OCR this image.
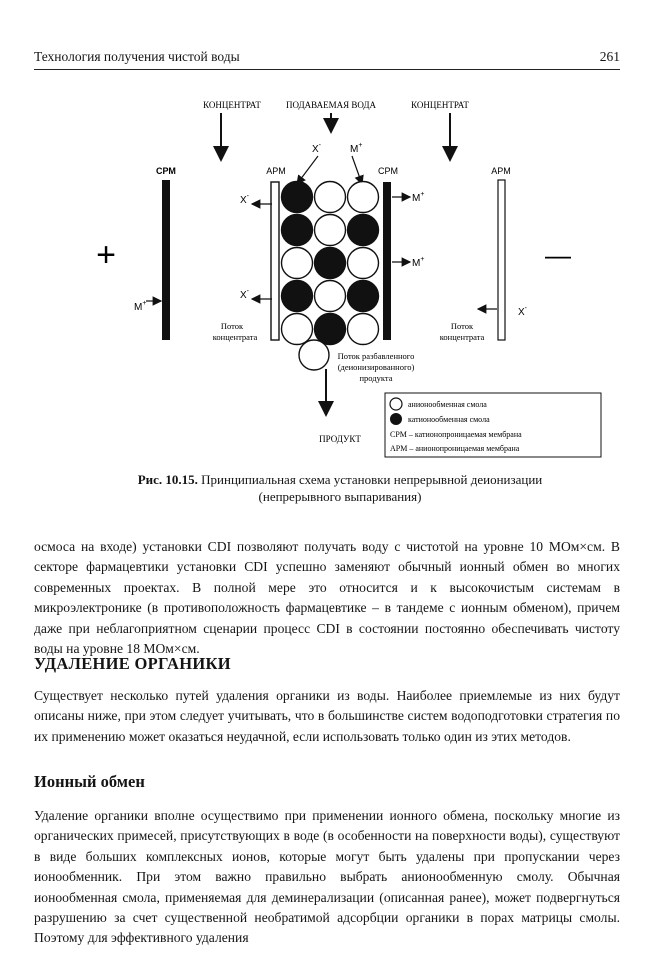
Технология получения чистой воды	261
КОНЦЕНТРАТ	ПОДАВАЕМАЯ ВОДА	КОНЦЕНТРАТ
X-	M+
СРМ	АРМ	СРМ	АРМ
+	—
X-
X-
M+
M+
M+
X-
Поток
концентрата
Поток
концентрата
Поток разбавленного
(деионизированного)
продукта
ПРОДУКТ
анионообменная смола
катионообменная смола
СРМ – катионопроницаемая мембрана
АРМ – анионопроницаемая мембрана
Рис. 10.15. Принципиальная схема установки непрерывной деионизации
(непрерывного выпаривания)

осмоса на входе) установки CDI позволяют получать воду с чистотой на уровне 10 МОм×см. В секторе фармацевтики установки CDI успешно заменяют обычный ионный обмен во многих современных проектах. В полной мере это относится и к высокочистым системам в микроэлектронике (в противоположность фармацевтике – в тандеме с ионным обменом), причем даже при неблагоприятном сценарии процесс CDI в состоянии постоянно обеспечивать чистоту воды на уровне 18 МОм×см.

УДАЛЕНИЕ ОРГАНИКИ

Существует несколько путей удаления органики из воды. Наиболее приемлемые из них будут описаны ниже, при этом следует учитывать, что в большинстве систем водоподготовки стратегия по их применению может оказаться неудачной, если использовать только один из этих методов.

Ионный обмен

Удаление органики вполне осуществимо при применении ионного обмена, поскольку многие из органических примесей, присутствующих в воде (в особенности на поверхности воды), существуют в виде больших комплексных ионов, которые могут быть удалены при пропускании через ионообменник. При этом важно правильно выбрать анионообменную смолу. Обычная ионообменная смола, применяемая для деминерализации (описанная ранее), может подвергнуться разрушению за счет существенной необратимой адсорбции органики в порах матрицы смолы. Поэтому для эффективного удаления
